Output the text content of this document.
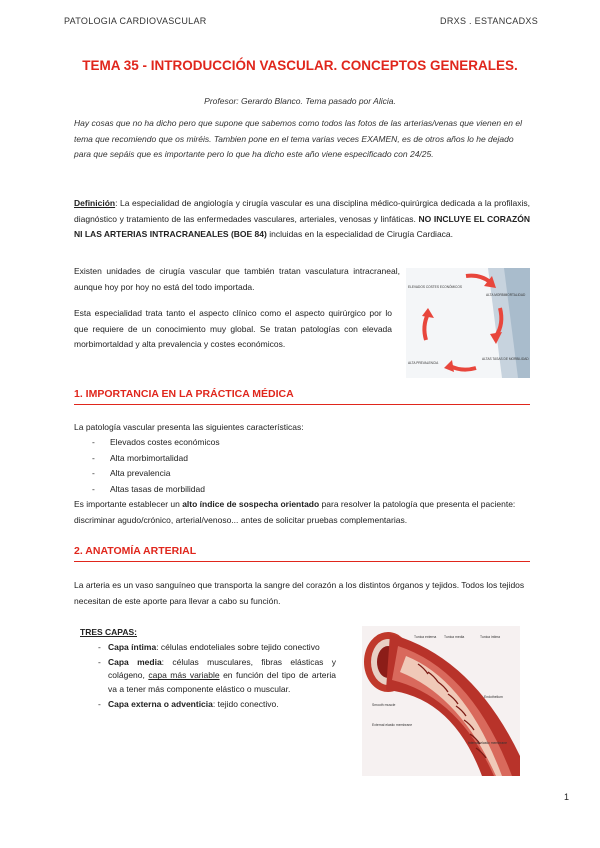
PATOLOGIA CARDIOVASCULAR	DRXS . ESTANCADXS
TEMA 35 - INTRODUCCIÓN VASCULAR. CONCEPTOS GENERALES.
Profesor: Gerardo Blanco. Tema pasado por Alicia.
Hay cosas que no ha dicho pero que supone que sabemos como todos las fotos de las arterias/venas que vienen en el tema que recomiendo que os miréis. Tambien pone en el tema varias veces EXAMEN, es de otros años lo he dejado para que sepáis que es importante pero lo que ha dicho este año viene especificado con 24/25.
Definición: La especialidad de angiología y cirugía vascular es una disciplina médico-quirúrgica dedicada a la profilaxis, diagnóstico y tratamiento de las enfermedades vasculares, arteriales, venosas y linfáticas. NO INCLUYE EL CORAZÓN NI LAS ARTERIAS INTRACRANEALES (BOE 84) incluidas en la especialidad de Cirugía Cardiaca.
Existen unidades de cirugía vascular que también tratan vasculatura intracraneal, aunque hoy por hoy no está del todo importada.
Esta especialidad trata tanto el aspecto clínico como el aspecto quirúrgico por lo que requiere de un conocimiento muy global. Se tratan patologías con elevada morbimortaldad y alta prevalencia y costes económicos.
ELEVADOS COSTES ECONÓMICOS
ALTA MORBIMORTALIDAD
ALTA PREVALENCIA
ALTAS TASAS DE MORBILIDAD
1. IMPORTANCIA EN LA PRÁCTICA MÉDICA
La patología vascular presenta las siguientes características:
- Elevados costes económicos
- Alta morbimortalidad
- Alta prevalencia
- Altas tasas de morbilidad
Es importante establecer un alto índice de sospecha orientado para resolver la patología que presenta el paciente: discriminar agudo/crónico, arterial/venoso... antes de solicitar pruebas complementarias.
2. ANATOMÍA ARTERIAL
La arteria es un vaso sanguíneo que transporta la sangre del corazón a los distintos órganos y tejidos. Todos los tejidos necesitan de este aporte para llevar a cabo su función.
TRES CAPAS:
- Capa íntima: células endoteliales sobre tejido conectivo
- Capa media: células musculares, fibras elásticas y colágeno, capa más variable en función del tipo de arteria va a tener más componente elástico o muscular.
- Capa externa o adventicia: tejido conectivo.
Tunica externa Tunica media	Tunica intima
Smooth muscle
Endothelium
External elastic membrane
Internal elastic membrane
1
